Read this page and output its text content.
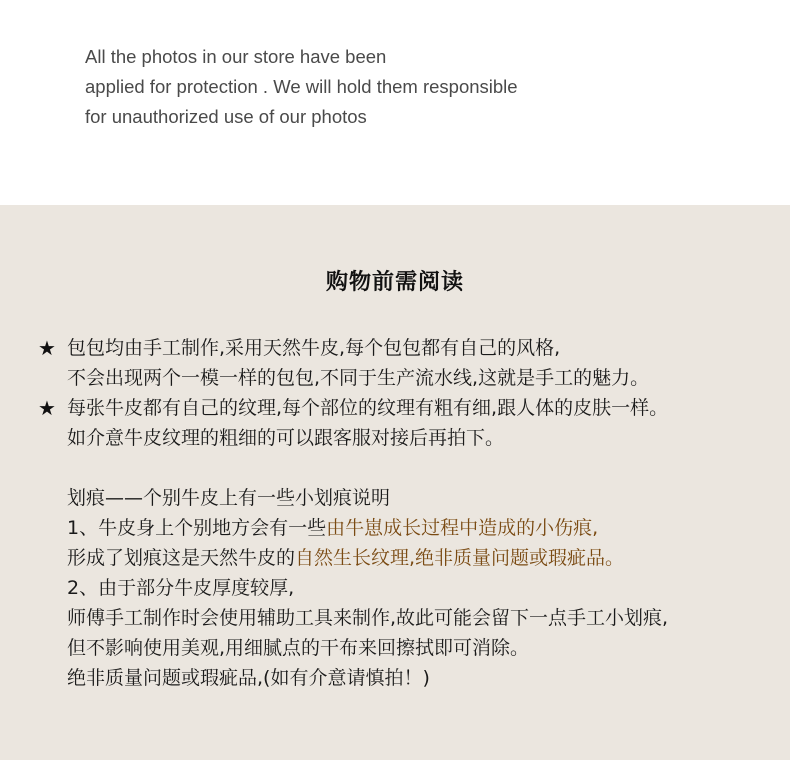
All the photos in our store have been
applied for protection . We will hold them responsible
for unauthorized use of our photos
购物前需阅读
★ 包包均由手工制作,采用天然牛皮,每个包包都有自己的风格,
不会出现两个一模一样的包包,不同于生产流水线,这就是手工的魅力。
★ 每张牛皮都有自己的纹理,每个部位的纹理有粗有细,跟人体的皮肤一样。
如介意牛皮纹理的粗细的可以跟客服对接后再拍下。
划痕——个别牛皮上有一些小划痕说明
1、牛皮身上个别地方会有一些由牛崽成长过程中造成的小伤痕,
形成了划痕这是天然牛皮的自然生长纹理,绝非质量问题或瑕疵品。
2、由于部分牛皮厚度较厚,
师傅手工制作时会使用辅助工具来制作,故此可能会留下一点手工小划痕,
但不影响使用美观,用细腻点的干布来回擦拭即可消除。
绝非质量问题或瑕疵品,(如有介意请慎拍！)
